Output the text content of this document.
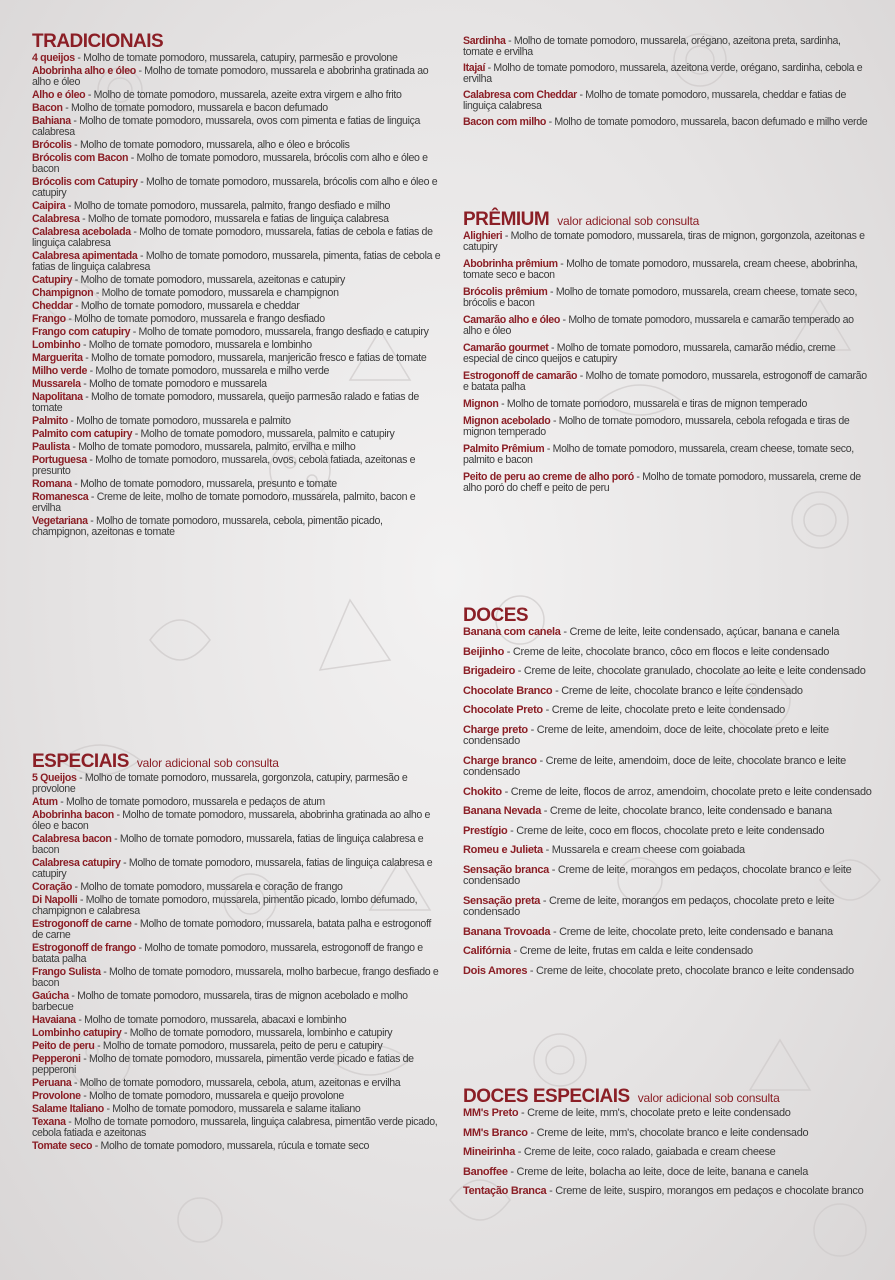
TRADICIONAIS

4 queijos - Molho de tomate pomodoro, mussarela, catupiry, parmesão e provolone

Abobrinha alho e óleo - Molho de tomate pomodoro, mussarela e abobrinha gratinada ao alho e óleo

Alho e óleo - Molho de tomate pomodoro, mussarela, azeite extra virgem e alho frito

Bacon - Molho de tomate pomodoro, mussarela e bacon defumado

Bahiana - Molho de tomate pomodoro, mussarela, ovos com pimenta e fatias de linguiça calabresa

Brócolis - Molho de tomate pomodoro, mussarela, alho e óleo e brócolis

Brócolis com Bacon - Molho de tomate pomodoro, mussarela, brócolis com alho e óleo e bacon

Brócolis com Catupiry - Molho de tomate pomodoro, mussarela, brócolis com alho e óleo e catupiry

Caipira - Molho de tomate pomodoro, mussarela, palmito, frango desfiado e milho

Calabresa - Molho de tomate pomodoro, mussarela e fatias de linguiça calabresa

Calabresa acebolada - Molho de tomate pomodoro, mussarela, fatias de cebola e fatias de linguiça calabresa

Calabresa apimentada - Molho de tomate pomodoro, mussarela, pimenta, fatias de cebola e fatias de linguiça calabresa

Catupiry - Molho de tomate pomodoro, mussarela, azeitonas e catupiry

Champignon - Molho de tomate pomodoro, mussarela e champignon

Cheddar - Molho de tomate pomodoro, mussarela e cheddar

Frango - Molho de tomate pomodoro, mussarela e frango desfiado

Frango com catupiry - Molho de tomate pomodoro, mussarela, frango desfiado e catupiry

Lombinho - Molho de tomate pomodoro, mussarela e lombinho

Marguerita - Molho de tomate pomodoro, mussarela, manjericão fresco e fatias de tomate

Milho verde - Molho de tomate pomodoro, mussarela e milho verde

Mussarela - Molho de tomate pomodoro e mussarela

Napolitana - Molho de tomate pomodoro, mussarela, queijo parmesão ralado e fatias de tomate

Palmito - Molho de tomate pomodoro, mussarela e palmito

Palmito com catupiry - Molho de tomate pomodoro, mussarela, palmito e catupiry

Paulista - Molho de tomate pomodoro, mussarela, palmito, ervilha e milho

Portuguesa - Molho de tomate pomodoro, mussarela, ovos, cebola fatiada, azeitonas e presunto

Romana - Molho de tomate pomodoro, mussarela, presunto e tomate

Romanesca - Creme de leite, molho de tomate pomodoro, mussarela, palmito, bacon e ervilha

Vegetariana - Molho de tomate pomodoro, mussarela, cebola, pimentão picado, champignon, azeitonas e tomate

ESPECIAIS valor adicional sob consulta

5 Queijos - Molho de tomate pomodoro, mussarela, gorgonzola, catupiry, parmesão e provolone

Atum - Molho de tomate pomodoro, mussarela e pedaços de atum

Abobrinha bacon - Molho de tomate pomodoro, mussarela, abobrinha gratinada ao alho e óleo e bacon

Calabresa bacon - Molho de tomate pomodoro, mussarela, fatias de linguiça calabresa e bacon

Calabresa catupiry - Molho de tomate pomodoro, mussarela, fatias de linguiça calabresa e catupiry

Coração - Molho de tomate pomodoro, mussarela e coração de frango

Di Napolli - Molho de tomate pomodoro, mussarela, pimentão picado, lombo defumado, champignon e calabresa

Estrogonoff de carne - Molho de tomate pomodoro, mussarela, batata palha e estrogonoff de carne

Estrogonoff de frango - Molho de tomate pomodoro, mussarela, estrogonoff de frango e batata palha

Frango Sulista - Molho de tomate pomodoro, mussarela, molho barbecue, frango desfiado e bacon

Gaúcha - Molho de tomate pomodoro, mussarela, tiras de mignon acebolado e molho barbecue

Havaiana - Molho de tomate pomodoro, mussarela, abacaxi e lombinho

Lombinho catupiry - Molho de tomate pomodoro, mussarela, lombinho e catupiry

Peito de peru - Molho de tomate pomodoro, mussarela, peito de peru e catupiry

Pepperoni - Molho de tomate pomodoro, mussarela, pimentão verde picado e fatias de pepperoni

Peruana - Molho de tomate pomodoro, mussarela, cebola, atum, azeitonas e ervilha

Provolone - Molho de tomate pomodoro, mussarela e queijo provolone

Salame Italiano - Molho de tomate pomodoro, mussarela e salame italiano

Texana - Molho de tomate pomodoro, mussarela, linguiça calabresa, pimentão verde picado, cebola fatiada e azeitonas

Tomate seco - Molho de tomate pomodoro, mussarela, rúcula e tomate seco

Sardinha - Molho de tomate pomodoro, mussarela, orégano, azeitona preta, sardinha, tomate e ervilha

Itajaí - Molho de tomate pomodoro, mussarela, azeitona verde, orégano, sardinha, cebola e ervilha

Calabresa com Cheddar - Molho de tomate pomodoro, mussarela, cheddar e fatias de linguiça calabresa

Bacon com milho - Molho de tomate pomodoro, mussarela, bacon defumado e milho verde

PRÊMIUM valor adicional sob consulta

Alighieri - Molho de tomate pomodoro, mussarela, tiras de mignon, gorgonzola, azeitonas e catupiry

Abobrinha prêmium - Molho de tomate pomodoro, mussarela, cream cheese, abobrinha, tomate seco e bacon

Brócolis prêmium - Molho de tomate pomodoro, mussarela, cream cheese, tomate seco, brócolis e bacon

Camarão alho e óleo - Molho de tomate pomodoro, mussarela e camarão temperado ao alho e óleo

Camarão gourmet - Molho de tomate pomodoro, mussarela, camarão médio, creme especial de cinco queijos e catupiry

Estrogonoff de camarão - Molho de tomate pomodoro, mussarela, estrogonoff de camarão e batata palha

Mignon - Molho de tomate pomodoro, mussarela e tiras de mignon temperado

Mignon acebolado - Molho de tomate pomodoro, mussarela, cebola refogada e tiras de mignon temperado

Palmito Prêmium - Molho de tomate pomodoro, mussarela, cream cheese, tomate seco, palmito e bacon

Peito de peru ao creme de alho poró - Molho de tomate pomodoro, mussarela, creme de alho poró do cheff e peito de peru

DOCES

Banana com canela - Creme de leite, leite condensado, açúcar, banana e canela

Beijinho - Creme de leite, chocolate branco, côco em flocos e leite condensado

Brigadeiro - Creme de leite, chocolate granulado, chocolate ao leite e leite condensado

Chocolate Branco - Creme de leite, chocolate branco e leite condensado

Chocolate Preto - Creme de leite, chocolate preto e leite condensado

Charge preto - Creme de leite, amendoim, doce de leite, chocolate preto e leite condensado

Charge branco - Creme de leite, amendoim, doce de leite, chocolate branco e leite condensado

Chokito - Creme de leite, flocos de arroz, amendoim, chocolate preto e leite condensado

Banana Nevada - Creme de leite, chocolate branco, leite condensado e banana

Prestígio - Creme de leite, coco em flocos, chocolate preto e leite condensado

Romeu e Julieta - Mussarela e cream cheese com goiabada

Sensação branca - Creme de leite, morangos em pedaços, chocolate branco e leite condensado

Sensação preta - Creme de leite, morangos em pedaços, chocolate preto e leite condensado

Banana Trovoada - Creme de leite, chocolate preto, leite condensado e banana

Califórnia - Creme de leite, frutas em calda e leite condensado

Dois Amores - Creme de leite, chocolate preto, chocolate branco e leite condensado

DOCES ESPECIAIS valor adicional sob consulta

MM's Preto - Creme de leite, mm's, chocolate preto e leite condensado

MM's Branco - Creme de leite, mm's, chocolate branco e leite condensado

Mineirinha - Creme de leite, coco ralado, gaiabada e cream cheese

Banoffee - Creme de leite, bolacha ao leite, doce de leite, banana e canela

Tentação Branca - Creme de leite, suspiro, morangos em pedaços e chocolate branco
